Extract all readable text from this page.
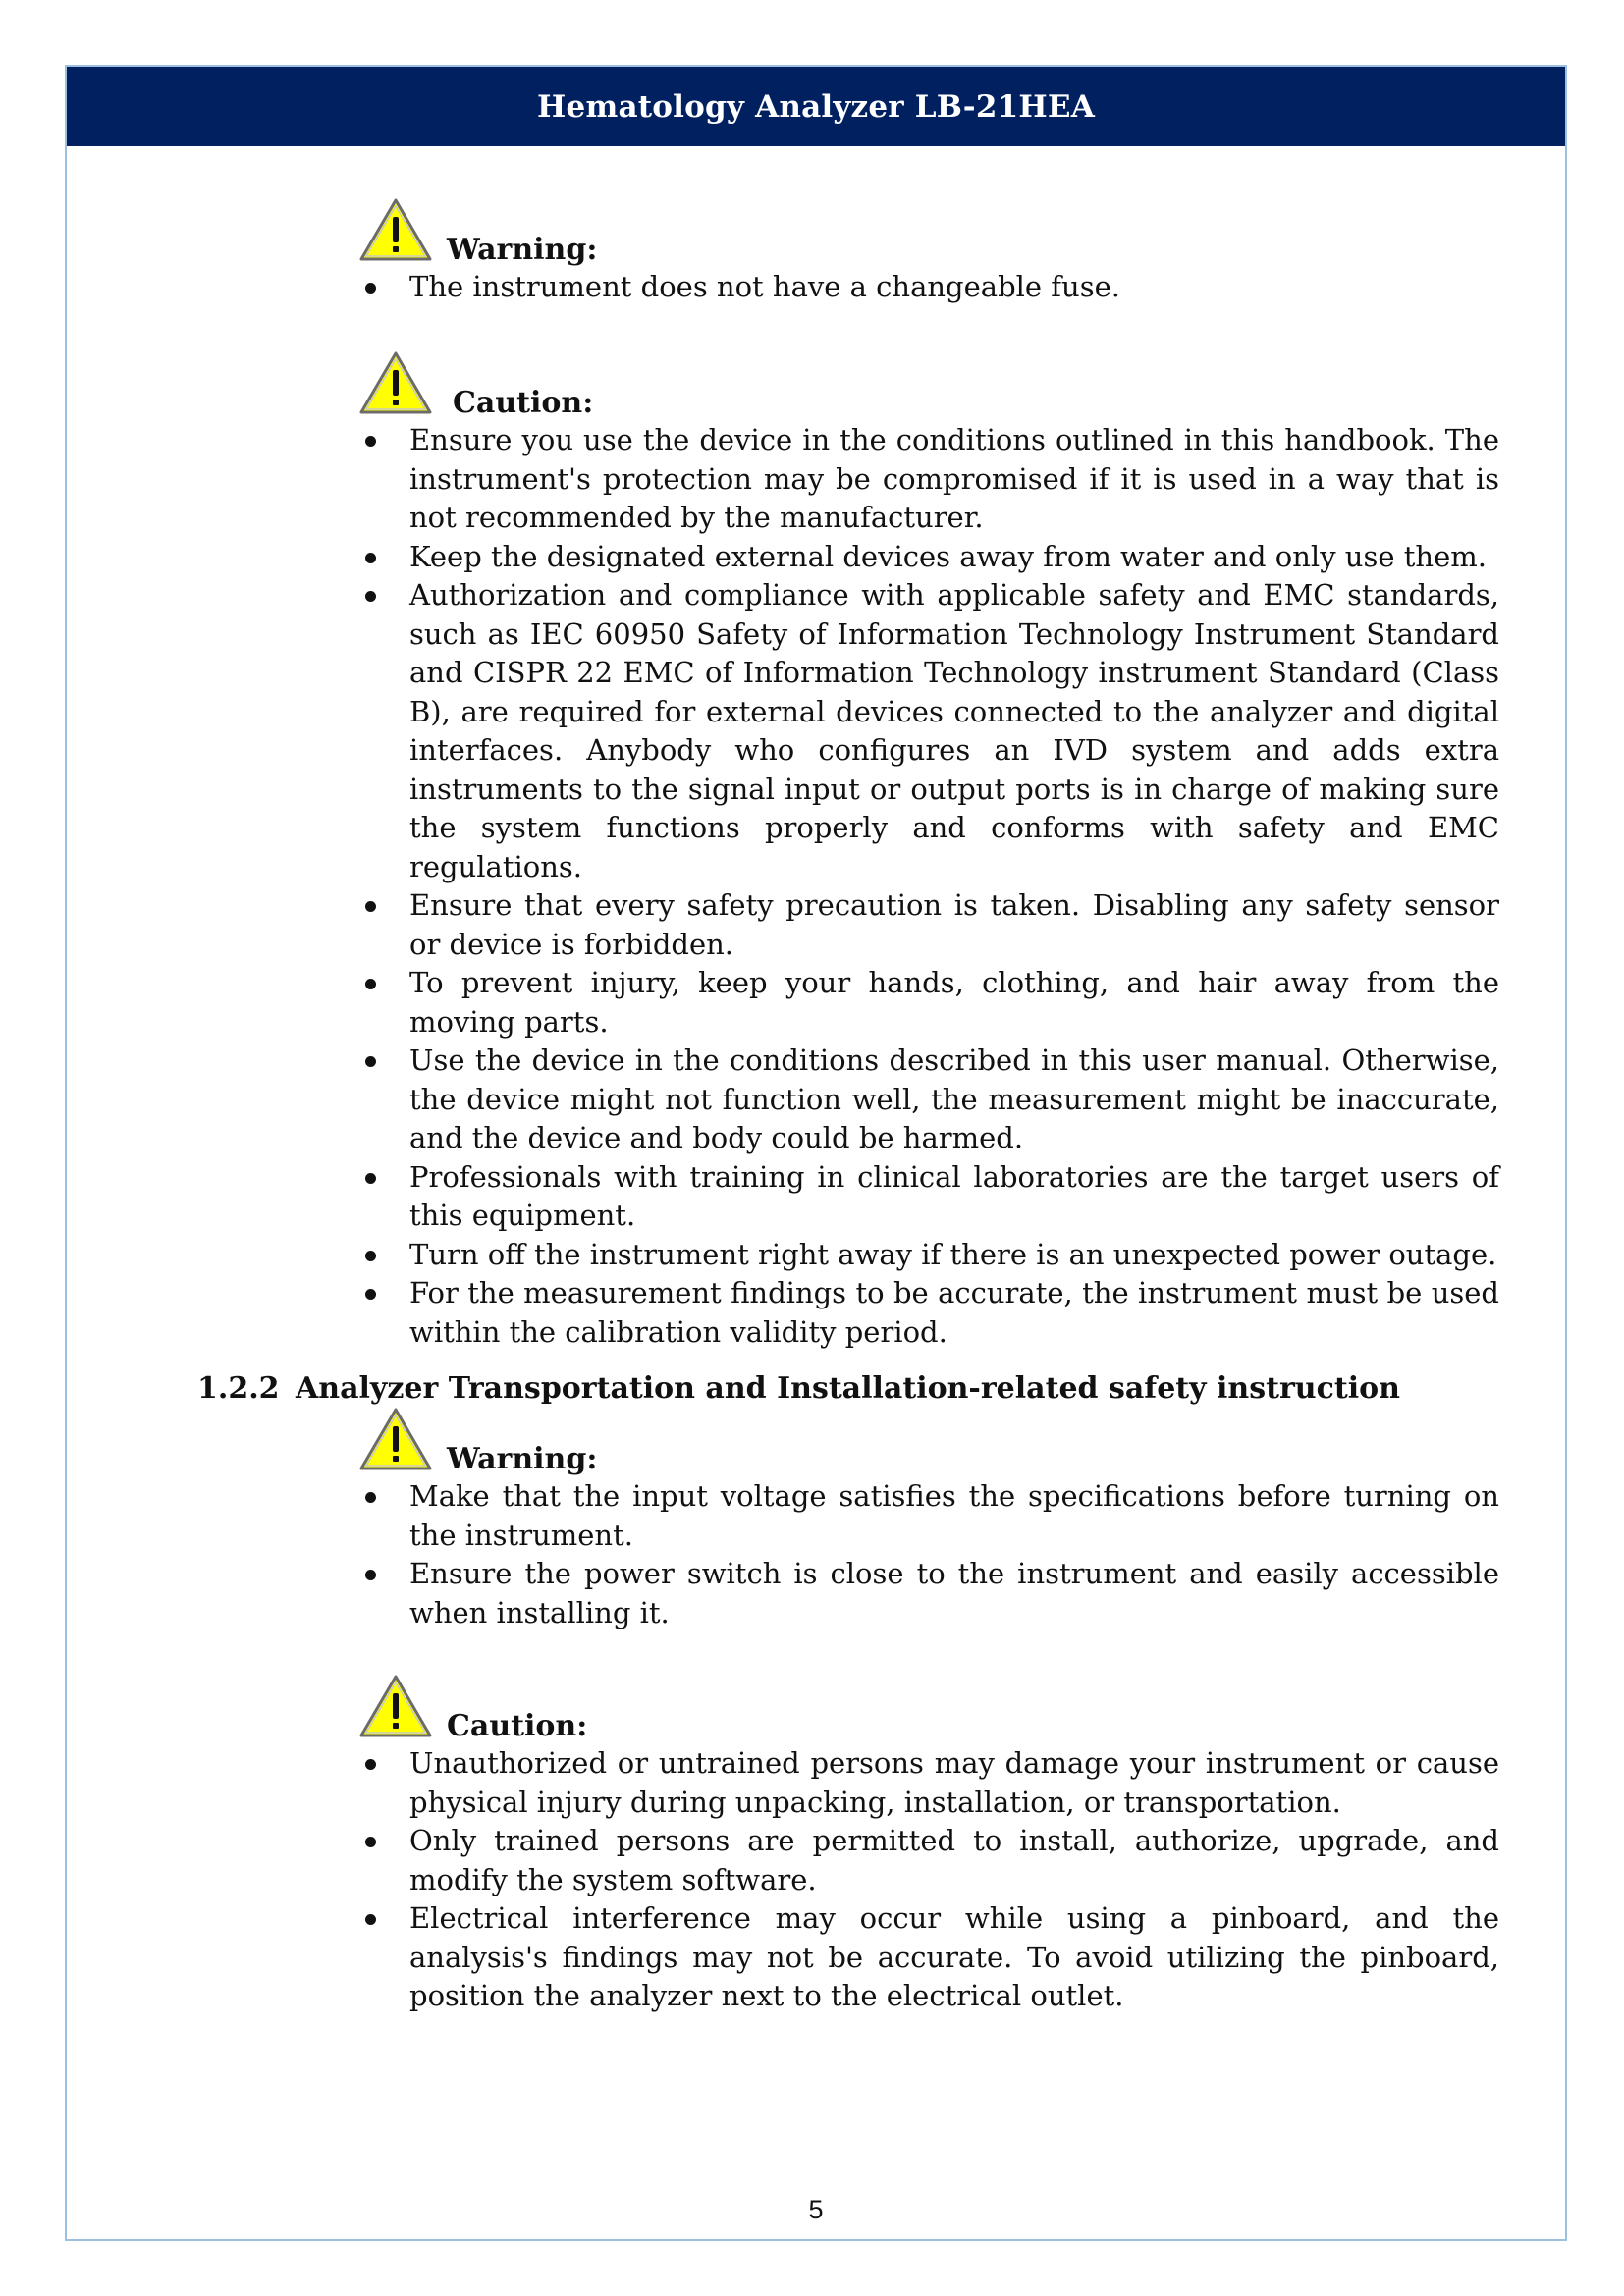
Hematology Analyzer LB-21HEA
Warning:
The instrument does not have a changeable fuse.
Caution:
Ensure you use the device in the conditions outlined in this handbook. The instrument's protection may be compromised if it is used in a way that is not recommended by the manufacturer.
Keep the designated external devices away from water and only use them.
Authorization and compliance with applicable safety and EMC standards, such as IEC 60950 Safety of Information Technology Instrument Standard and CISPR 22 EMC of Information Technology instrument Standard (Class B), are required for external devices connected to the analyzer and digital interfaces. Anybody who configures an IVD system and adds extra instruments to the signal input or output ports is in charge of making sure the system functions properly and conforms with safety and EMC regulations.
Ensure that every safety precaution is taken. Disabling any safety sensor or device is forbidden.
To prevent injury, keep your hands, clothing, and hair away from the moving parts.
Use the device in the conditions described in this user manual. Otherwise, the device might not function well, the measurement might be inaccurate, and the device and body could be harmed.
Professionals with training in clinical laboratories are the target users of this equipment.
Turn off the instrument right away if there is an unexpected power outage.
For the measurement findings to be accurate, the instrument must be used within the calibration validity period.
1.2.2 Analyzer Transportation and Installation-related safety instruction
Warning:
Make that the input voltage satisfies the specifications before turning on the instrument.
Ensure the power switch is close to the instrument and easily accessible when installing it.
Caution:
Unauthorized or untrained persons may damage your instrument or cause physical injury during unpacking, installation, or transportation.
Only trained persons are permitted to install, authorize, upgrade, and modify the system software.
Electrical interference may occur while using a pinboard, and the analysis's findings may not be accurate. To avoid utilizing the pinboard, position the analyzer next to the electrical outlet.
5
